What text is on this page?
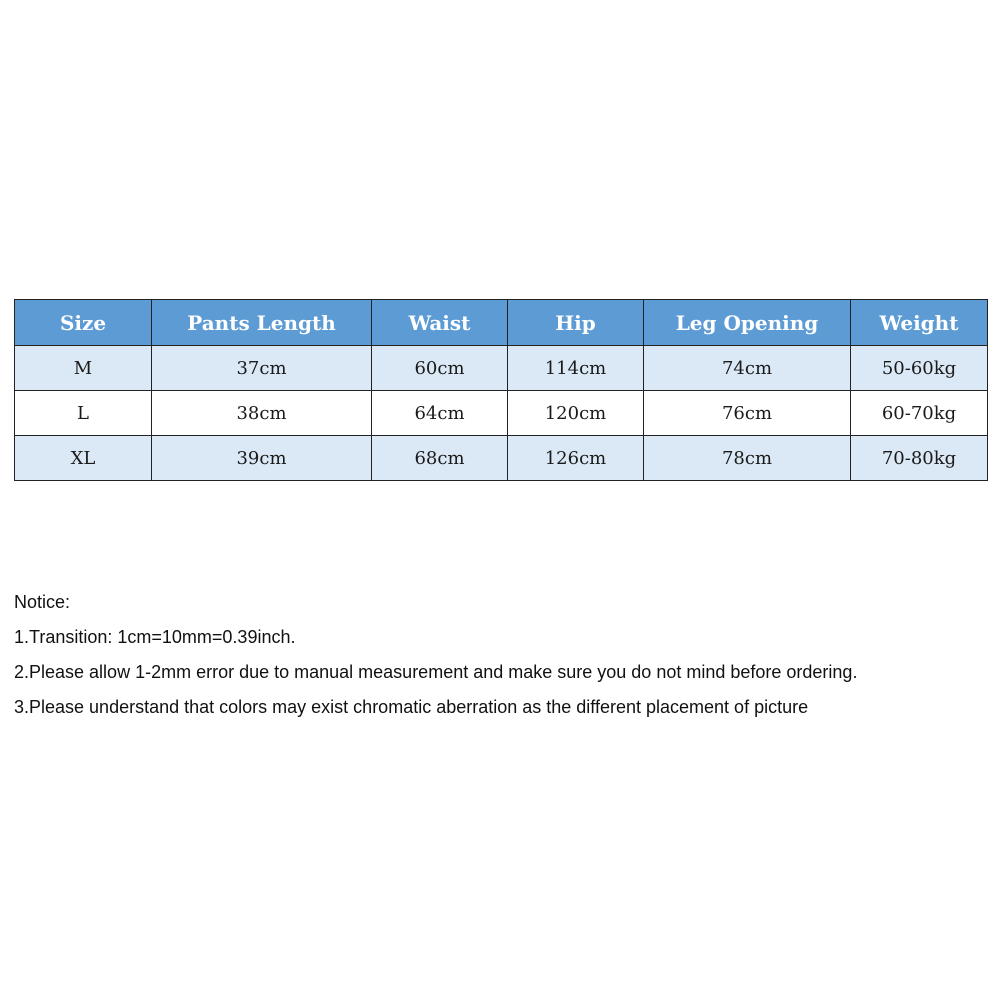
Size	Pants Length	Waist	Hip	Leg Opening	Weight
M	37cm	60cm	114cm	74cm	50-60kg
L	38cm	64cm	120cm	76cm	60-70kg
XL	39cm	68cm	126cm	78cm	70-80kg

Notice:

1.Transition: 1cm=10mm=0.39inch.

2.Please allow 1-2mm error due to manual measurement and make sure you do not mind before ordering.

3.Please understand that colors may exist chromatic aberration as the different placement of picture
